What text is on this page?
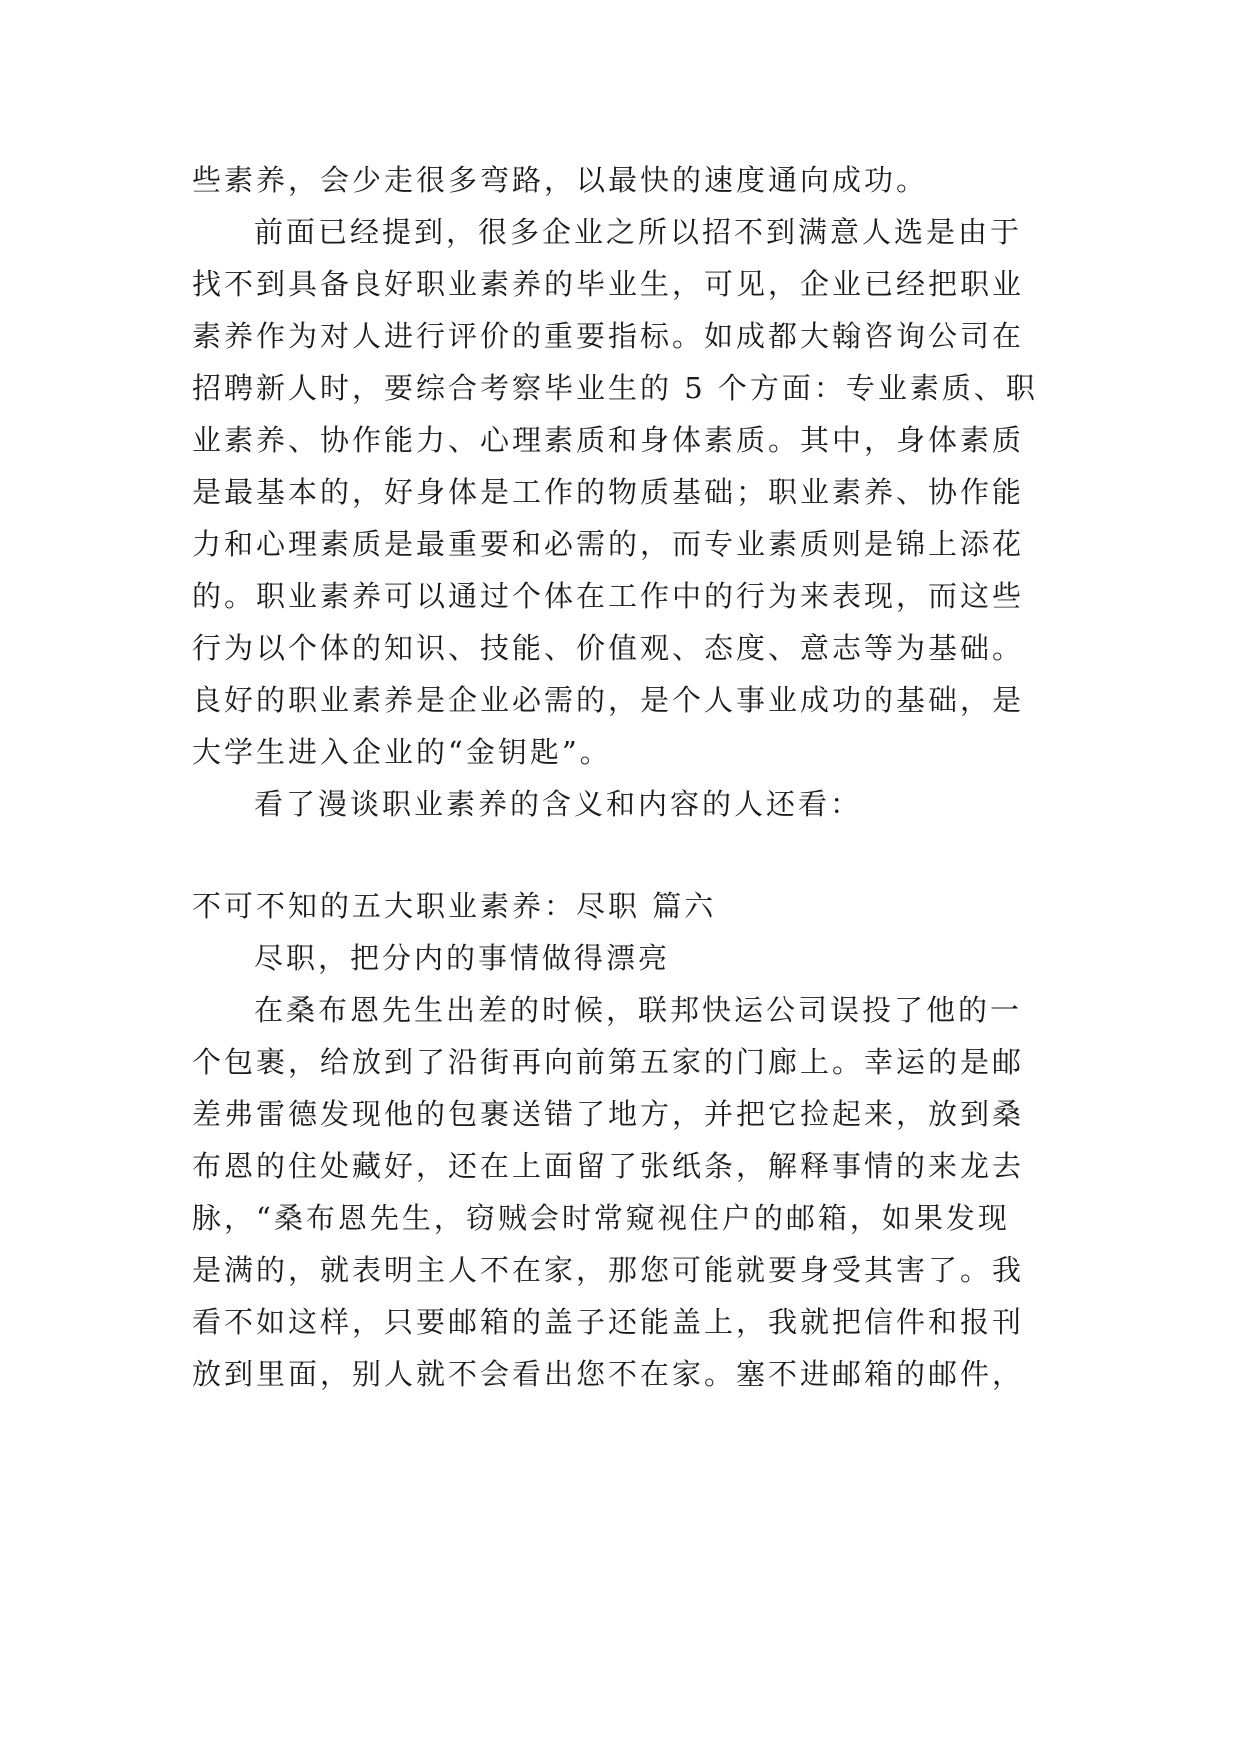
些素养，会少走很多弯路，以最快的速度通向成功。
前面已经提到，很多企业之所以招不到满意人选是由于
找不到具备良好职业素养的毕业生，可见，企业已经把职业
素养作为对人进行评价的重要指标。如成都大翰咨询公司在
招聘新人时，要综合考察毕业生的 5 个方面：专业素质、职
业素养、协作能力、心理素质和身体素质。其中，身体素质
是最基本的，好身体是工作的物质基础；职业素养、协作能
力和心理素质是最重要和必需的，而专业素质则是锦上添花
的。职业素养可以通过个体在工作中的行为来表现，而这些
行为以个体的知识、技能、价值观、态度、意志等为基础。
良好的职业素养是企业必需的，是个人事业成功的基础，是
大学生进入企业的“金钥匙”。
看了漫谈职业素养的含义和内容的人还看：
不可不知的五大职业素养：尽职 篇六
尽职，把分内的事情做得漂亮
在桑布恩先生出差的时候，联邦快运公司误投了他的一
个包裹，给放到了沿街再向前第五家的门廊上。幸运的是邮
差弗雷德发现他的包裹送错了地方，并把它捡起来，放到桑
布恩的住处藏好，还在上面留了张纸条，解释事情的来龙去
脉，“桑布恩先生，窃贼会时常窥视住户的邮箱，如果发现
是满的，就表明主人不在家，那您可能就要身受其害了。我
看不如这样，只要邮箱的盖子还能盖上，我就把信件和报刊
放到里面，别人就不会看出您不在家。塞不进邮箱的邮件，
